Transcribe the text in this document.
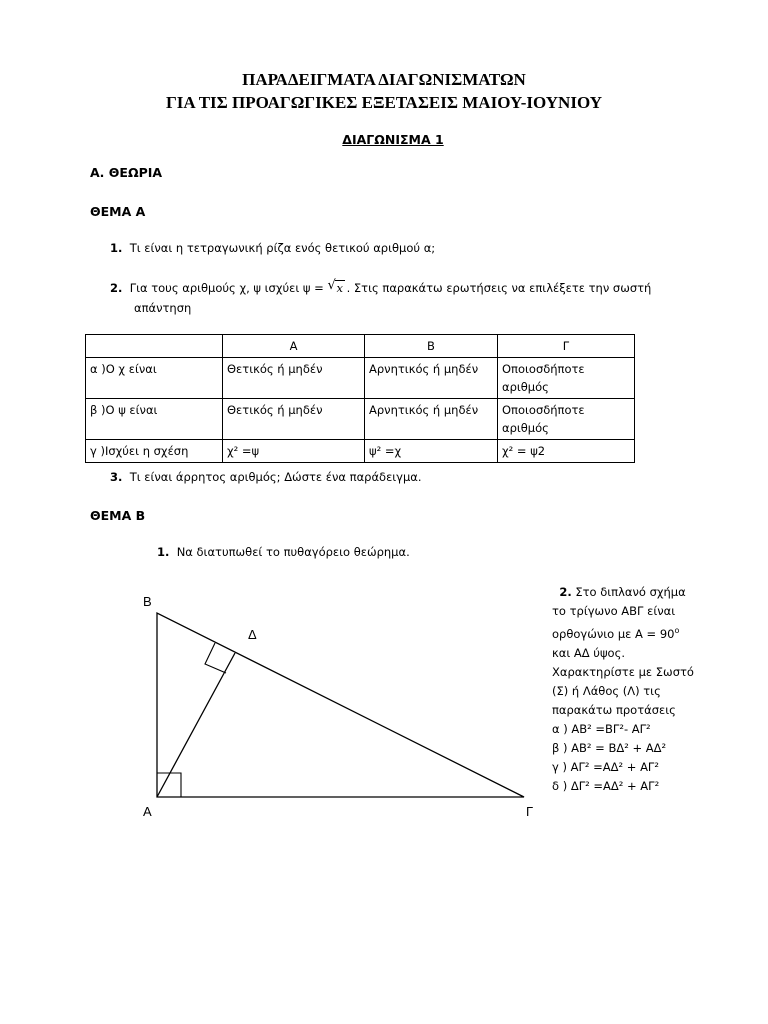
ΠΑΡΑΔΕΙΓΜΑΤΑ ΔΙΑΓΩΝΙΣΜΑΤΩΝ
ΓΙΑ ΤΙΣ ΠΡΟΑΓΩΓΙΚΕΣ ΕΞΕΤΑΣΕΙΣ ΜΑΙΟΥ-ΙΟΥΝΙΟΥ
ΔΙΑΓΩΝΙΣΜΑ 1
Α. ΘΕΩΡΙΑ
ΘΕΜΑ Α
1. Τι είναι η τετραγωνική ρίζα ενός θετικού αριθμού α;
2. Για τους αριθμούς χ, ψ ισχύει ψ = √ x . Στις παρακάτω ερωτήσεις να επιλέξετε την σωστή
απάντηση
	Α	Β	Γ
α )Ο χ είναι	Θετικός ή μηδέν	Αρνητικός ή μηδέν	Οποιοσδήποτε αριθμός
β )Ο ψ είναι	Θετικός ή μηδέν	Αρνητικός ή μηδέν	Οποιοσδήποτε αριθμός
γ )Ισχύει η σχέση	χ² =ψ	ψ² =χ	χ² = ψ2
3. Τι είναι άρρητος αριθμός; Δώστε ένα παράδειγμα.
ΘΕΜΑ Β
1. Να διατυπωθεί το πυθαγόρειο θεώρημα.
Β
Δ
Α	Γ
2. Στο διπλανό σχήμα
το τρίγωνο ΑΒΓ είναι
ορθογώνιο με $A = 90^o$
και ΑΔ ύψος.
Χαρακτηρίστε με Σωστό
(Σ) ή Λάθος (Λ) τις
παρακάτω προτάσεις
α ) ΑΒ² =ΒΓ²- ΑΓ²
β ) ΑΒ² = ΒΔ² + ΑΔ²
γ ) ΑΓ² =ΑΔ² + ΑΓ²
δ ) ΔΓ² =ΑΔ² + ΑΓ²
